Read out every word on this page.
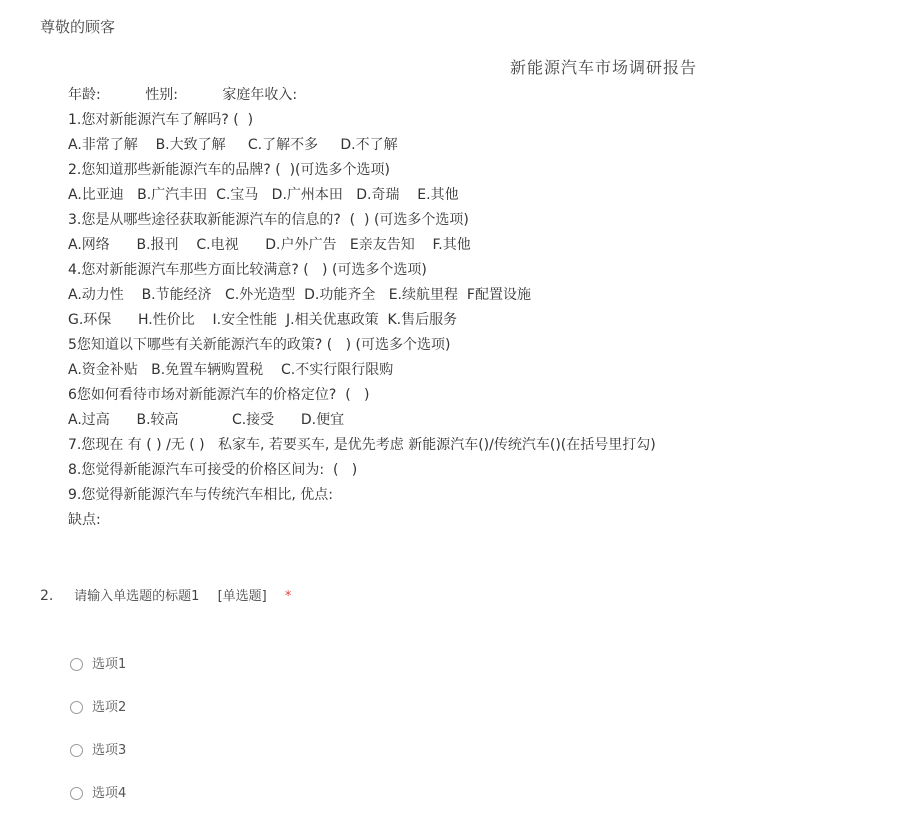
尊敬的顾客
新能源汽车市场调研报告
年龄:          性别:          家庭年收入:
1.您对新能源汽车了解吗? (  )
A.非常了解    B.大致了解     C.了解不多     D.不了解
2.您知道那些新能源汽车的品牌? (  )(可选多个选项)
A.比亚迪   B.广汽丰田  C.宝马   D.广州本田   D.奇瑞    E.其他
3.您是从哪些途径获取新能源汽车的信息的?  (  ) (可选多个选项)
A.网络      B.报刊    C.电视      D.户外广告   E亲友告知    F.其他
4.您对新能源汽车那些方面比较满意? (   ) (可选多个选项)
A.动力性    B.节能经济   C.外光造型  D.功能齐全   E.续航里程  F配置设施
G.环保      H.性价比    I.安全性能  J.相关优惠政策  K.售后服务
5您知道以下哪些有关新能源汽车的政策? (   ) (可选多个选项)
A.资金补贴   B.免置车辆购置税    C.不实行限行限购
6您如何看待市场对新能源汽车的价格定位?  (   )
A.过高      B.较高            C.接受      D.便宜
7.您现在 有 ( ) /无 ( )   私家车, 若要买车, 是优先考虑 新能源汽车()/传统汽车()(在括号里打勾)
8.您觉得新能源汽车可接受的价格区间为:  (   )
9.您觉得新能源汽车与传统汽车相比, 优点:
缺点:
2. 请输入单选题的标题1 [单选题] *
选项1
选项2
选项3
选项4
